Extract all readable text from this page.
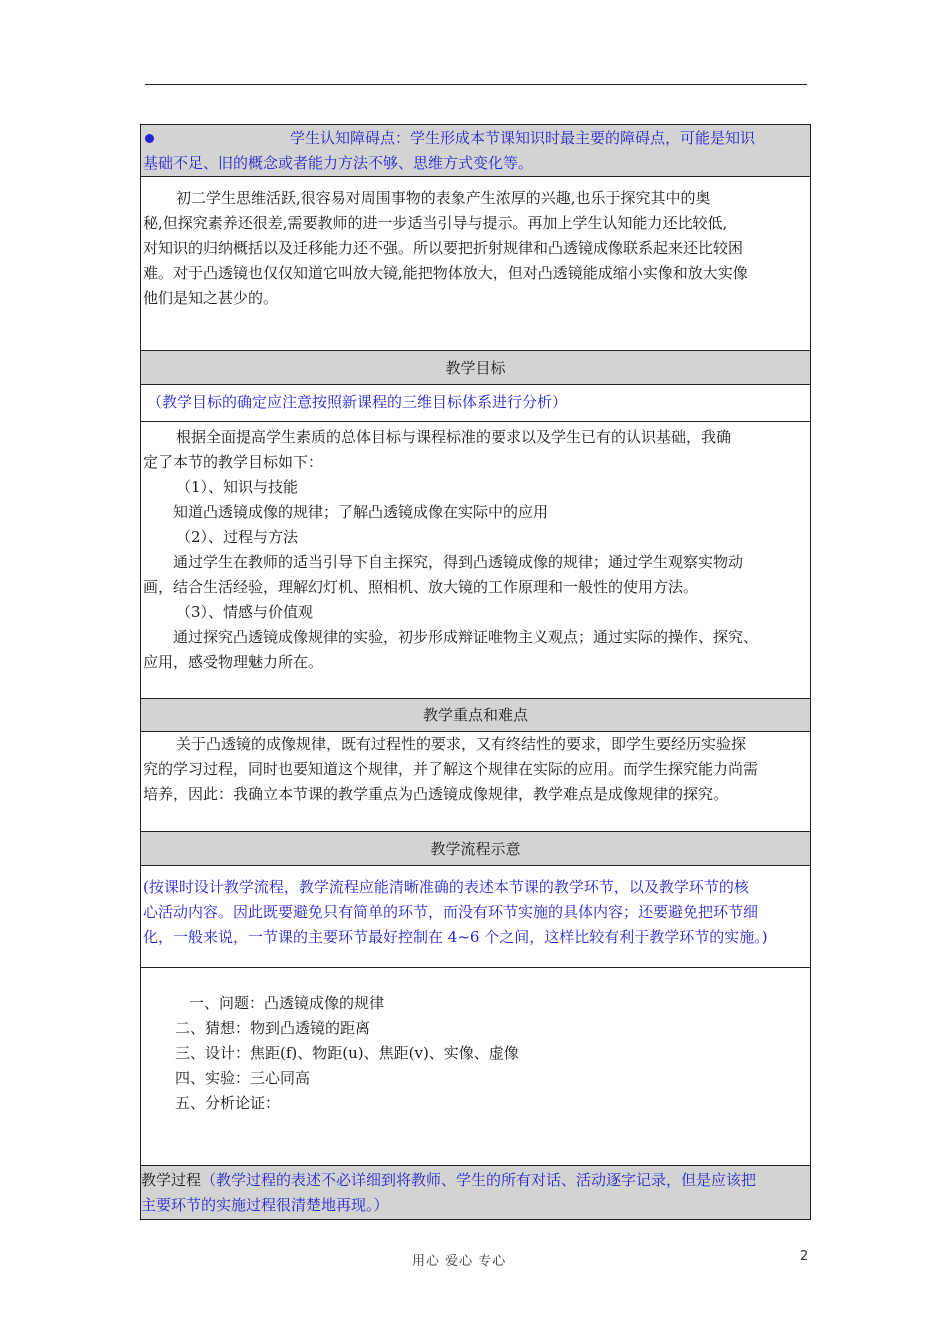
学生认知障碍点：学生形成本节课知识时最主要的障碍点，可能是知识

基础不足、旧的概念或者能力方法不够、思维方式变化等。

初二学生思维活跃,很容易对周围事物的表象产生浓厚的兴趣,也乐于探究其中的奥

秘,但探究素养还很差,需要教师的进一步适当引导与提示。再加上学生认知能力还比较低,

对知识的归纳概括以及迁移能力还不强。所以要把折射规律和凸透镜成像联系起来还比较困

难。对于凸透镜也仅仅知道它叫放大镜,能把物体放大，但对凸透镜能成缩小实像和放大实像

他们是知之甚少的。

教学目标

（教学目标的确定应注意按照新课程的三维目标体系进行分析）

根据全面提高学生素质的总体目标与课程标准的要求以及学生已有的认识基础，我确

定了本节的教学目标如下：

（1）、知识与技能

知道凸透镜成像的规律；了解凸透镜成像在实际中的应用

（2）、过程与方法

通过学生在教师的适当引导下自主探究，得到凸透镜成像的规律；通过学生观察实物动

画，结合生活经验，理解幻灯机、照相机、放大镜的工作原理和一般性的使用方法。

（3）、情感与价值观

通过探究凸透镜成像规律的实验，初步形成辩证唯物主义观点；通过实际的操作、探究、

应用，感受物理魅力所在。

教学重点和难点

关于凸透镜的成像规律，既有过程性的要求，又有终结性的要求，即学生要经历实验探

究的学习过程，同时也要知道这个规律，并了解这个规律在实际的应用。而学生探究能力尚需

培养，因此：我确立本节课的教学重点为凸透镜成像规律，教学难点是成像规律的探究。

教学流程示意

(按课时设计教学流程，教学流程应能清晰准确的表述本节课的教学环节，以及教学环节的核

心活动内容。因此既要避免只有简单的环节，而没有环节实施的具体内容；还要避免把环节细

化，一般来说，一节课的主要环节最好控制在 4~6 个之间，这样比较有利于教学环节的实施。)

一、问题：凸透镜成像的规律

二、猜想：物到凸透镜的距离

三、设计：焦距(f)、物距(u)、焦距(v)、实像、虚像

四、实验：三心同高

五、分析论证：

教学过程（教学过程的表述不必详细到将教师、学生的所有对话、活动逐字记录，但是应该把

主要环节的实施过程很清楚地再现。）

用心 爱心 专心	2
